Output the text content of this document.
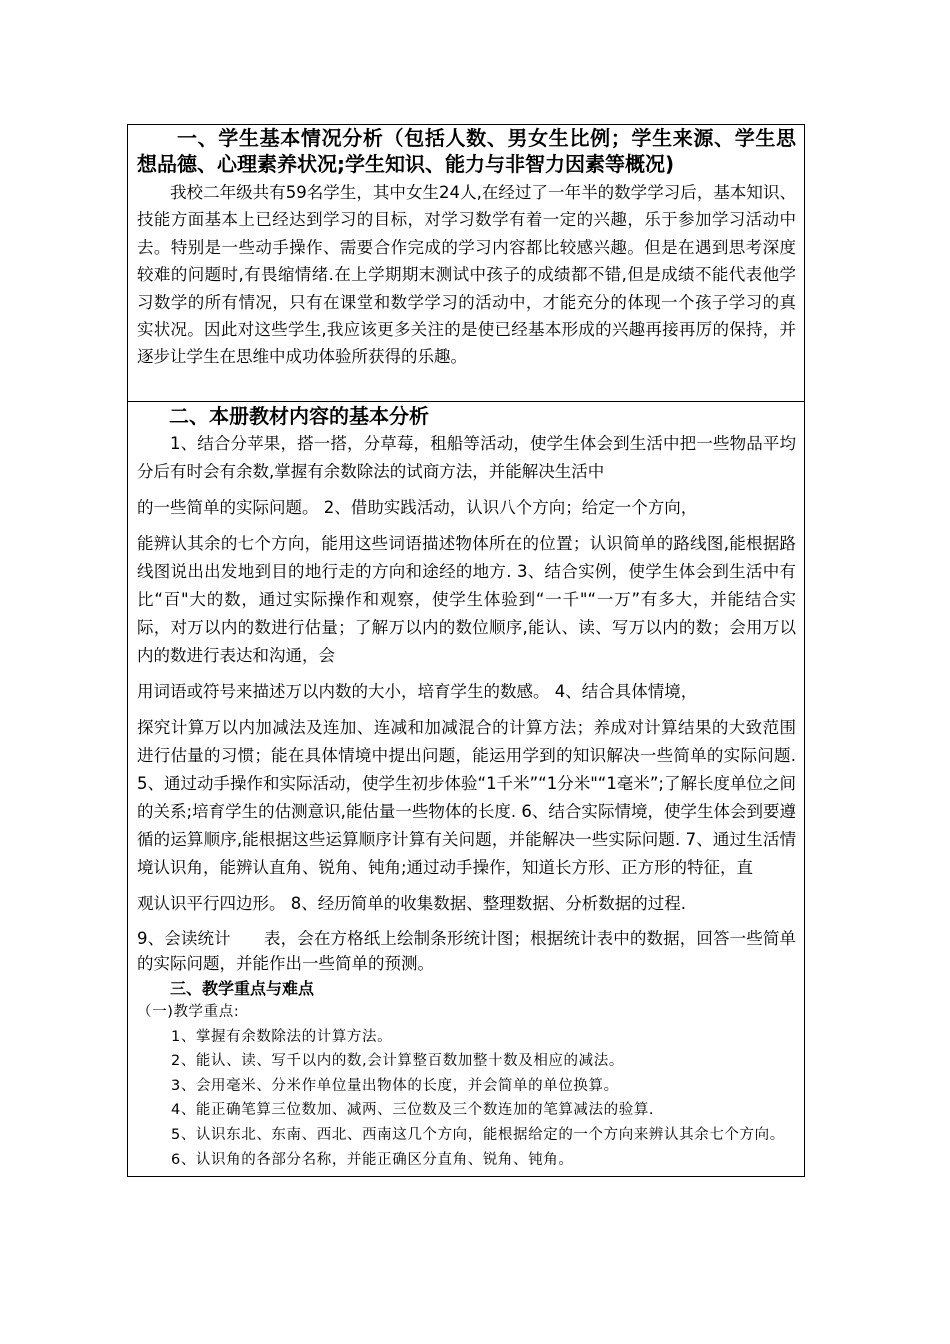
一、学生基本情况分析（包括人数、男女生比例；学生来源、学生思想品德、心理素养状况;学生知识、能力与非智力因素等概况)

我校二年级共有59名学生，其中女生24人,在经过了一年半的数学学习后，基本知识、技能方面基本上已经达到学习的目标，对学习数学有着一定的兴趣，乐于参加学习活动中去。特别是一些动手操作、需要合作完成的学习内容都比较感兴趣。但是在遇到思考深度较难的问题时,有畏缩情绪.在上学期期末测试中孩子的成绩都不错,但是成绩不能代表他学习数学的所有情况，只有在课堂和数学学习的活动中，才能充分的体现一个孩子学习的真实状况。因此对这些学生,我应该更多关注的是使已经基本形成的兴趣再接再厉的保持，并逐步让学生在思维中成功体验所获得的乐趣。

二、本册教材内容的基本分析

1、结合分苹果，搭一搭，分草莓，租船等活动，使学生体会到生活中把一些物品平均分后有时会有余数,掌握有余数除法的试商方法，并能解决生活中
的一些简单的实际问题。 2、借助实践活动，认识八个方向；给定一个方向，
能辨认其余的七个方向，能用这些词语描述物体所在的位置；认识简单的路线图,能根据路线图说出出发地到目的地行走的方向和途经的地方. 3、结合实例，使学生体会到生活中有比“百"大的数，通过实际操作和观察，使学生体验到“一千"“一万”有多大，并能结合实际，对万以内的数进行估量；了解万以内的数位顺序,能认、读、写万以内的数；会用万以内的数进行表达和沟通，会
用词语或符号来描述万以内数的大小，培育学生的数感。 4、结合具体情境，
探究计算万以内加减法及连加、连减和加减混合的计算方法；养成对计算结果的大致范围进行估量的习惯；能在具体情境中提出问题，能运用学到的知识解决一些简单的实际问题. 5、通过动手操作和实际活动，使学生初步体验“1千米”“1分米"“1毫米”;了解长度单位之间的关系;培育学生的估测意识,能估量一些物体的长度. 6、结合实际情境，使学生体会到要遵循的运算顺序,能根据这些运算顺序计算有关问题，并能解决一些实际问题. 7、通过生活情境认识角，能辨认直角、锐角、钝角;通过动手操作，知道长方形、正方形的特征，直
观认识平行四边形。 8、经历简单的收集数据、整理数据、分析数据的过程.
9、会读统计　　表，会在方格纸上绘制条形统计图；根据统计表中的数据，回答一些简单的实际问题，并能作出一些简单的预测。

三、教学重点与难点

（一)教学重点:

1、掌握有余数除法的计算方法。

2、能认、读、写千以内的数,会计算整百数加整十数及相应的减法。

3、会用毫米、分米作单位量出物体的长度，并会简单的单位换算。

4、能正确笔算三位数加、减两、三位数及三个数连加的笔算减法的验算.

5、认识东北、东南、西北、西南这几个方向，能根据给定的一个方向来辨认其余七个方向。

6、认识角的各部分名称，并能正确区分直角、锐角、钝角。
